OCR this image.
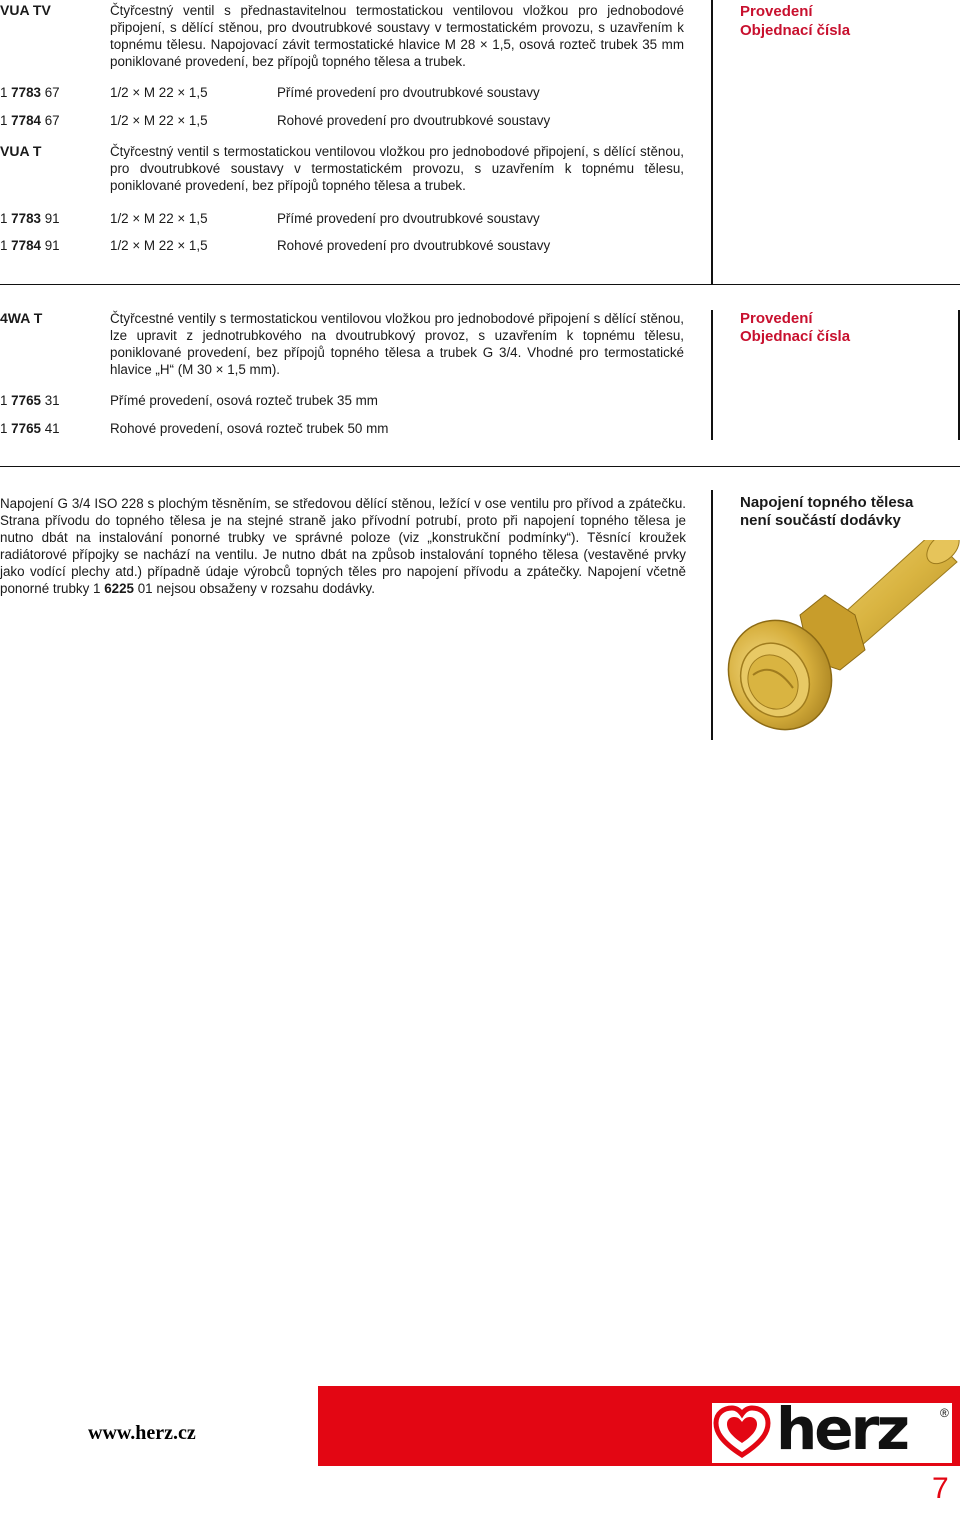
VUA TV	Čtyřcestný ventil s přednastavitelnou termostatickou ventilovou vložkou pro jednobodové připojení, s dělící stěnou, pro dvoutrubkové soustavy v termostatickém provozu, s uzavřením k topnému tělesu. Napojovací závit termostatické hlavice M 28 × 1,5, osová rozteč trubek 35 mm poniklované provedení, bez přípojů topného tělesa a trubek.
Provedení
Objednací čísla
1 7783 67	1/2 × M 22 × 1,5	Přímé provedení pro dvoutrubkové soustavy
1 7784 67	1/2 × M 22 × 1,5	Rohové provedení pro dvoutrubkové soustavy
VUA T	Čtyřcestný ventil s termostatickou ventilovou vložkou pro jednobodové připojení, s dělící stěnou, pro dvoutrubkové soustavy v termostatickém provozu, s uzavřením k topnému tělesu, poniklované provedení, bez přípojů topného tělesa a trubek.
1 7783 91	1/2 × M 22 × 1,5	Přímé provedení pro dvoutrubkové soustavy
1 7784 91	1/2 × M 22 × 1,5	Rohové provedení pro dvoutrubkové soustavy
4WA T	Čtyřcestné ventily s termostatickou ventilovou vložkou pro jednobodové připojení s dělící stěnou, lze upravit z jednotrubkového na dvoutrubkový provoz, s uzavřením k topnému tělesu, poniklované provedení, bez přípojů topného tělesa a trubek G 3/4. Vhodné pro termostatické hlavice „H“ (M 30 × 1,5 mm).
Provedení
Objednací čísla
1 7765 31	Přímé provedení, osová rozteč trubek 35 mm
1 7765 41	Rohové provedení, osová rozteč trubek 50 mm
Napojení G 3/4 ISO 228 s plochým těsněním, se středovou dělící stěnou, ležící v ose ventilu pro přívod a zpátečku. Strana přívodu do topného tělesa je na stejné straně jako přívodní potrubí, proto při napojení topného tělesa je nutno dbát na instalování ponorné trubky ve správné poloze (viz „konstrukční podmínky“). Těsnící kroužek radiátorové přípojky se nachází na ventilu. Je nutno dbát na způsob instalování topného tělesa (vestavěné prvky jako vodící plechy atd.) případně údaje výrobců topných těles pro napojení přívodu a zpátečky. Napojení včetně ponorné trubky 1 6225 01 nejsou obsaženy v rozsahu dodávky.
Napojení topného tělesa není součástí dodávky
www.herz.cz	herz	®
7
